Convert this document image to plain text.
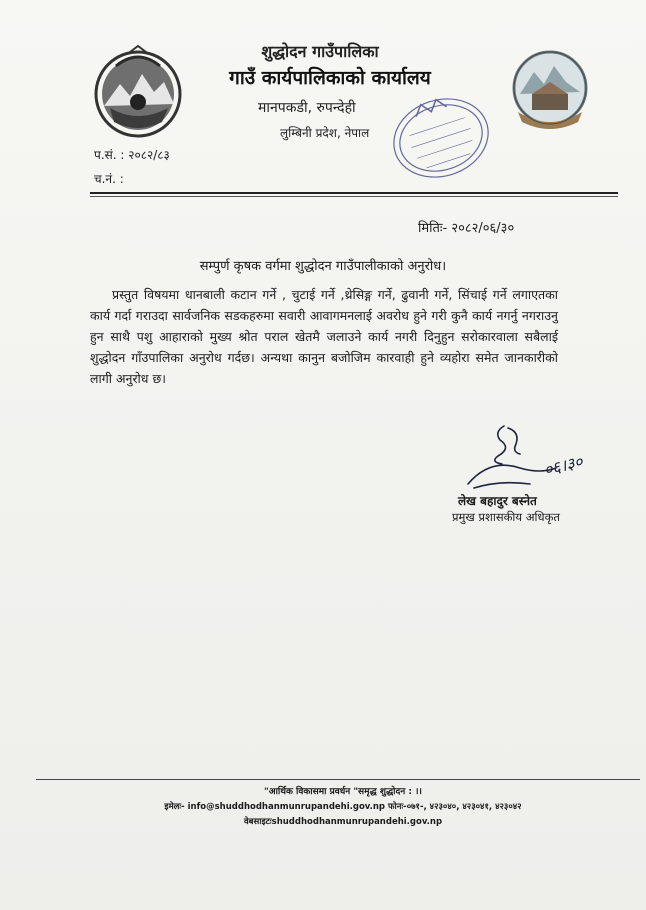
शुद्धोदन गाउँपालिका
गाउँ कार्यपालिकाको कार्यालय
मानपकडी, रुपन्देही
लुम्बिनी प्रदेश, नेपाल
प.सं. : २०८२/८३
च.नं. :
मितिः- २०८२/०६/३०
सम्पुर्ण कृषक वर्गमा शुद्धोदन गाउँपालीकाको अनुरोध।
प्रस्तुत विषयमा धानबाली कटान गर्ने , चुटाई गर्ने ,थ्रेसिङ्ग गर्ने, ढुवानी गर्ने, सिंचाई गर्ने लगाएतका कार्य गर्दा गराउदा सार्वजनिक सडकहरुमा सवारी आवागमनलाई अवरोध हुने गरी कुनै कार्य नगर्नु नगराउनु हुन साथै पशु आहाराको मुख्य श्रोत पराल खेतमै जलाउने कार्य नगरी दिनुहुन सरोकारवाला सबैलाई शुद्धोदन गाँउपालिका अनुरोध गर्दछ। अन्यथा कानुन बजोजिम कारवाही हुने व्यहोरा समेत जानकारीको लागी अनुरोध छ।
०६।३०
लेख बहादुर बस्नेत
प्रमुख प्रशासकीय अधिकृत
"आर्थिक विकासमा प्रवर्धन "समृद्ध शुद्धोदन : ।।
इमेलः- info@shuddhodhanmunrupandehi.gov.np फोनः-०७१-, ४२३०४०, ४२३०४१, ४२३०४२
वेबसाइटःshuddhodhanmunrupandehi.gov.np
